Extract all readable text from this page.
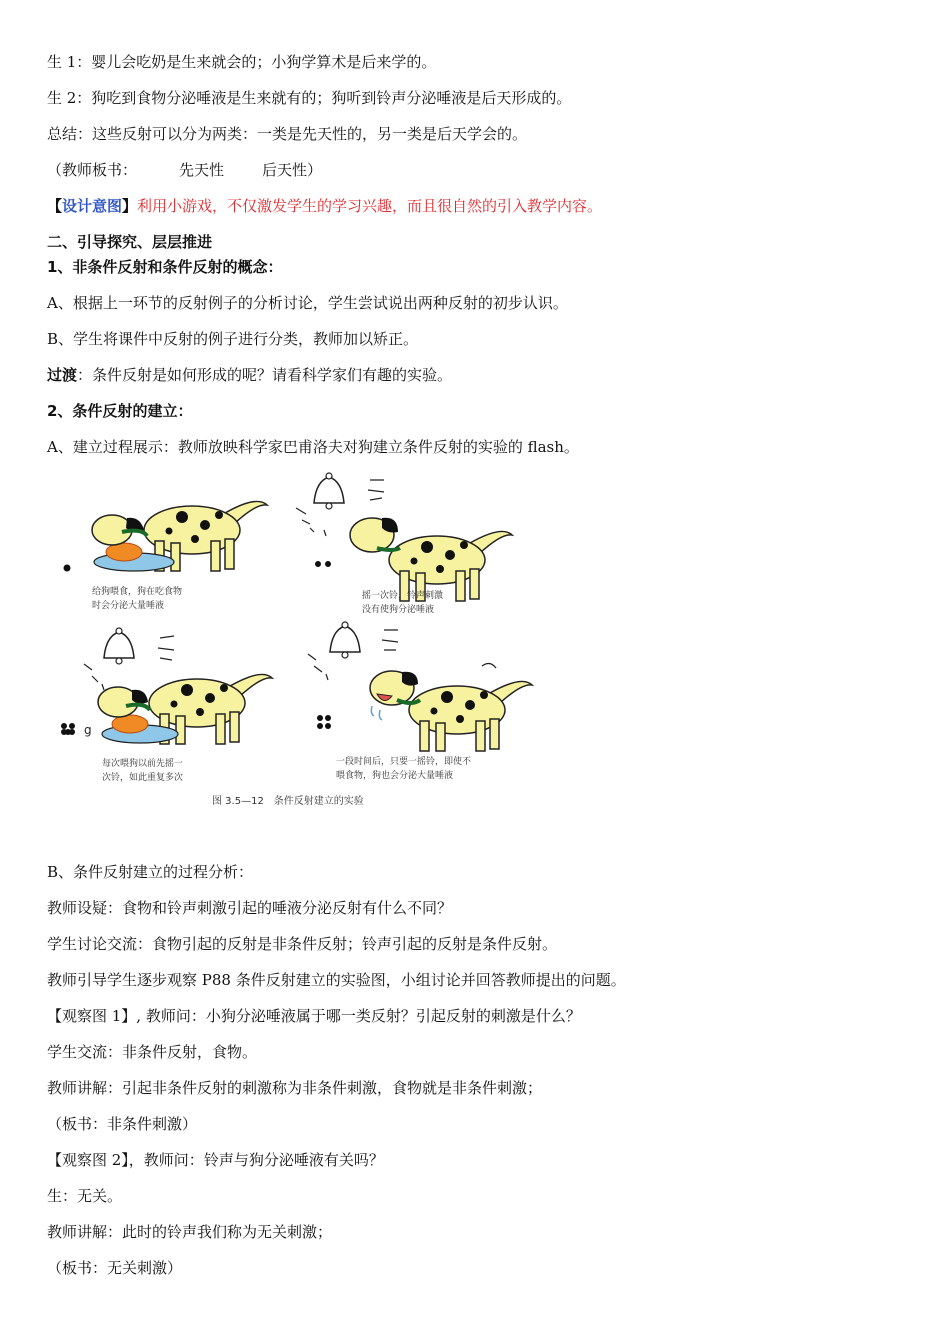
生 1：婴儿会吃奶是生来就会的；小狗学算术是后来学的。
生 2：狗吃到食物分泌唾液是生来就有的；狗听到铃声分泌唾液是后天形成的。
总结：这些反射可以分为两类：一类是先天性的，另一类是后天学会的。
（教师板书：	先天性	后天性）
【设计意图】利用小游戏，不仅激发学生的学习兴趣，而且很自然的引入教学内容。
二、引导探究、层层推进
1、非条件反射和条件反射的概念：
A、根据上一环节的反射例子的分析讨论，学生尝试说出两种反射的初步认识。
B、学生将课件中反射的例子进行分类，教师加以矫正。
过渡：条件反射是如何形成的呢？请看科学家们有趣的实验。
2、条件反射的建立：
A、建立过程展示：教师放映科学家巴甫洛夫对狗建立条件反射的实验的 flash。
给狗喂食，狗在吃食物
时会分泌大量唾液
摇一次铃，铃声刺激
没有使狗分泌唾液
g
每次喂狗以前先摇一
次铃，如此重复多次
一段时间后，只要一摇铃，即使不
喂食物，狗也会分泌大量唾液
图 3.5—12　条件反射建立的实验
B、条件反射建立的过程分析：
教师设疑：食物和铃声刺激引起的唾液分泌反射有什么不同？
学生讨论交流：食物引起的反射是非条件反射；铃声引起的反射是条件反射。
教师引导学生逐步观察 P88 条件反射建立的实验图，小组讨论并回答教师提出的问题。
【观察图 1】, 教师问：小狗分泌唾液属于哪一类反射？引起反射的刺激是什么？
学生交流：非条件反射，食物。
教师讲解：引起非条件反射的刺激称为非条件刺激，食物就是非条件刺激；
（板书：非条件刺激）
【观察图 2】，教师问：铃声与狗分泌唾液有关吗？
生：无关。
教师讲解：此时的铃声我们称为无关刺激；
（板书：无关刺激）
